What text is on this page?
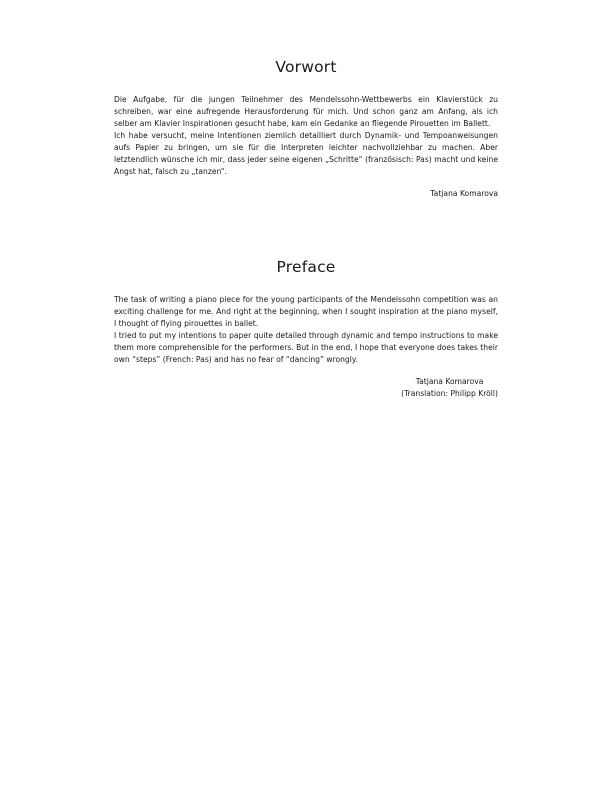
Vorwort

Die Aufgabe, für die jungen Teilnehmer des Mendelssohn-Wettbewerbs ein Klavierstück zu schreiben, war eine aufregende Herausforderung für mich. Und schon ganz am Anfang, als ich selber am Klavier Inspirationen gesucht habe, kam ein Gedanke an fliegende Pirouetten im Ballett.

Ich habe versucht, meine Intentionen ziemlich detailliert durch Dynamik- und Tempoanweisungen aufs Papier zu bringen, um sie für die Interpreten leichter nachvollziehbar zu machen. Aber letztendlich wünsche ich mir, dass jeder seine eigenen „Schritte“ (französisch: Pas) macht und keine Angst hat, falsch zu „tanzen“.

Tatjana Komarova
Preface

The task of writing a piano piece for the young participants of the Mendelssohn competition was an exciting challenge for me. And right at the beginning, when I sought inspiration at the piano myself, I thought of flying pirouettes in ballet.

I tried to put my intentions to paper quite detailed through dynamic and tempo instructions to make them more comprehensible for the performers. But in the end, I hope that everyone does takes their own “steps” (French: Pas) and has no fear of “dancing” wrongly.

Tatjana Komarova
(Translation: Philipp Kröll)
